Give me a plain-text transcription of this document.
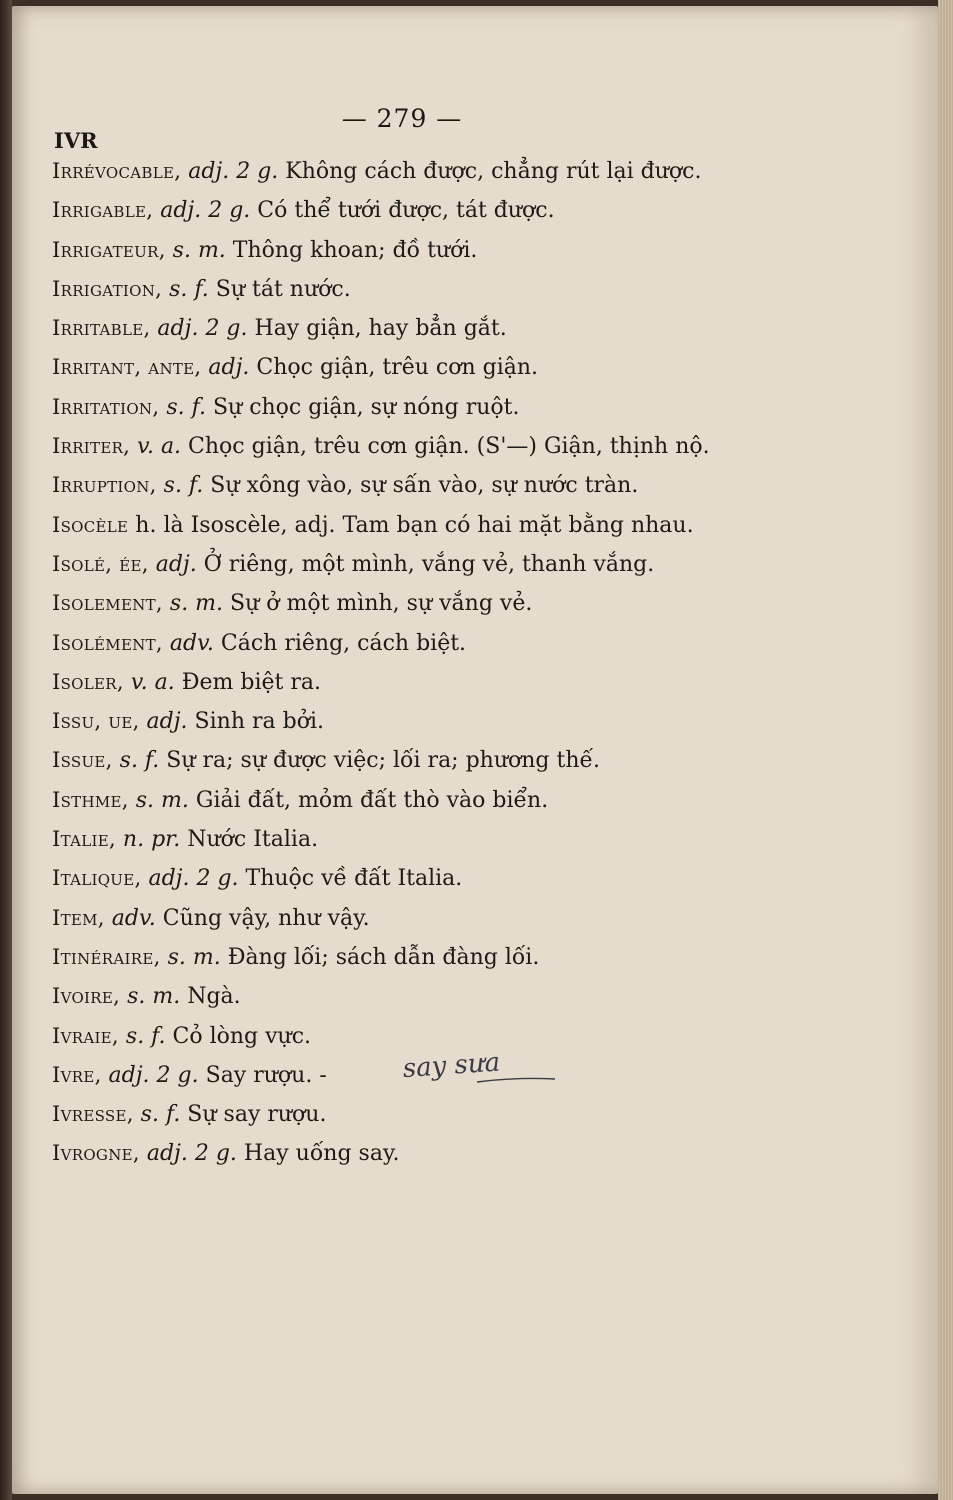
— 279 —
IVR
Irrévocable, adj. 2 g. Không cách được, chẳng rút lại được.
Irrigable, adj. 2 g. Có thể tưới được, tát được.
Irrigateur, s. m. Thông khoan; đồ tưới.
Irrigation, s. f. Sự tát nước.
Irritable, adj. 2 g. Hay giận, hay bẳn gắt.
Irritant, ante, adj. Chọc giận, trêu cơn giận.
Irritation, s. f. Sự chọc giận, sự nóng ruột.
Irriter, v. a. Chọc giận, trêu cơn giận. (S'—) Giận, thịnh nộ.
Irruption, s. f. Sự xông vào, sự sấn vào, sự nước tràn.
Isocèle h. là Isoscèle, adj. Tam bạn có hai mặt bằng nhau.
Isolé, ée, adj. Ở riêng, một mình, vắng vẻ, thanh vắng.
Isolement, s. m. Sự ở một mình, sự vắng vẻ.
Isolément, adv. Cách riêng, cách biệt.
Isoler, v. a. Đem biệt ra.
Issu, ue, adj. Sinh ra bởi.
Issue, s. f. Sự ra; sự được việc; lối ra; phương thế.
Isthme, s. m. Giải đất, mỏm đất thò vào biển.
Italie, n. pr. Nước Italia.
Italique, adj. 2 g. Thuộc về đất Italia.
Item, adv. Cũng vậy, như vậy.
Itinéraire, s. m. Đàng lối; sách dẫn đàng lối.
Ivoire, s. m. Ngà.
Ivraie, s. f. Cỏ lòng vực.
Ivre, adj. 2 g. Say rượu. -
Ivresse, s. f. Sự say rượu.
Ivrogne, adj. 2 g. Hay uống say.
say sưa
